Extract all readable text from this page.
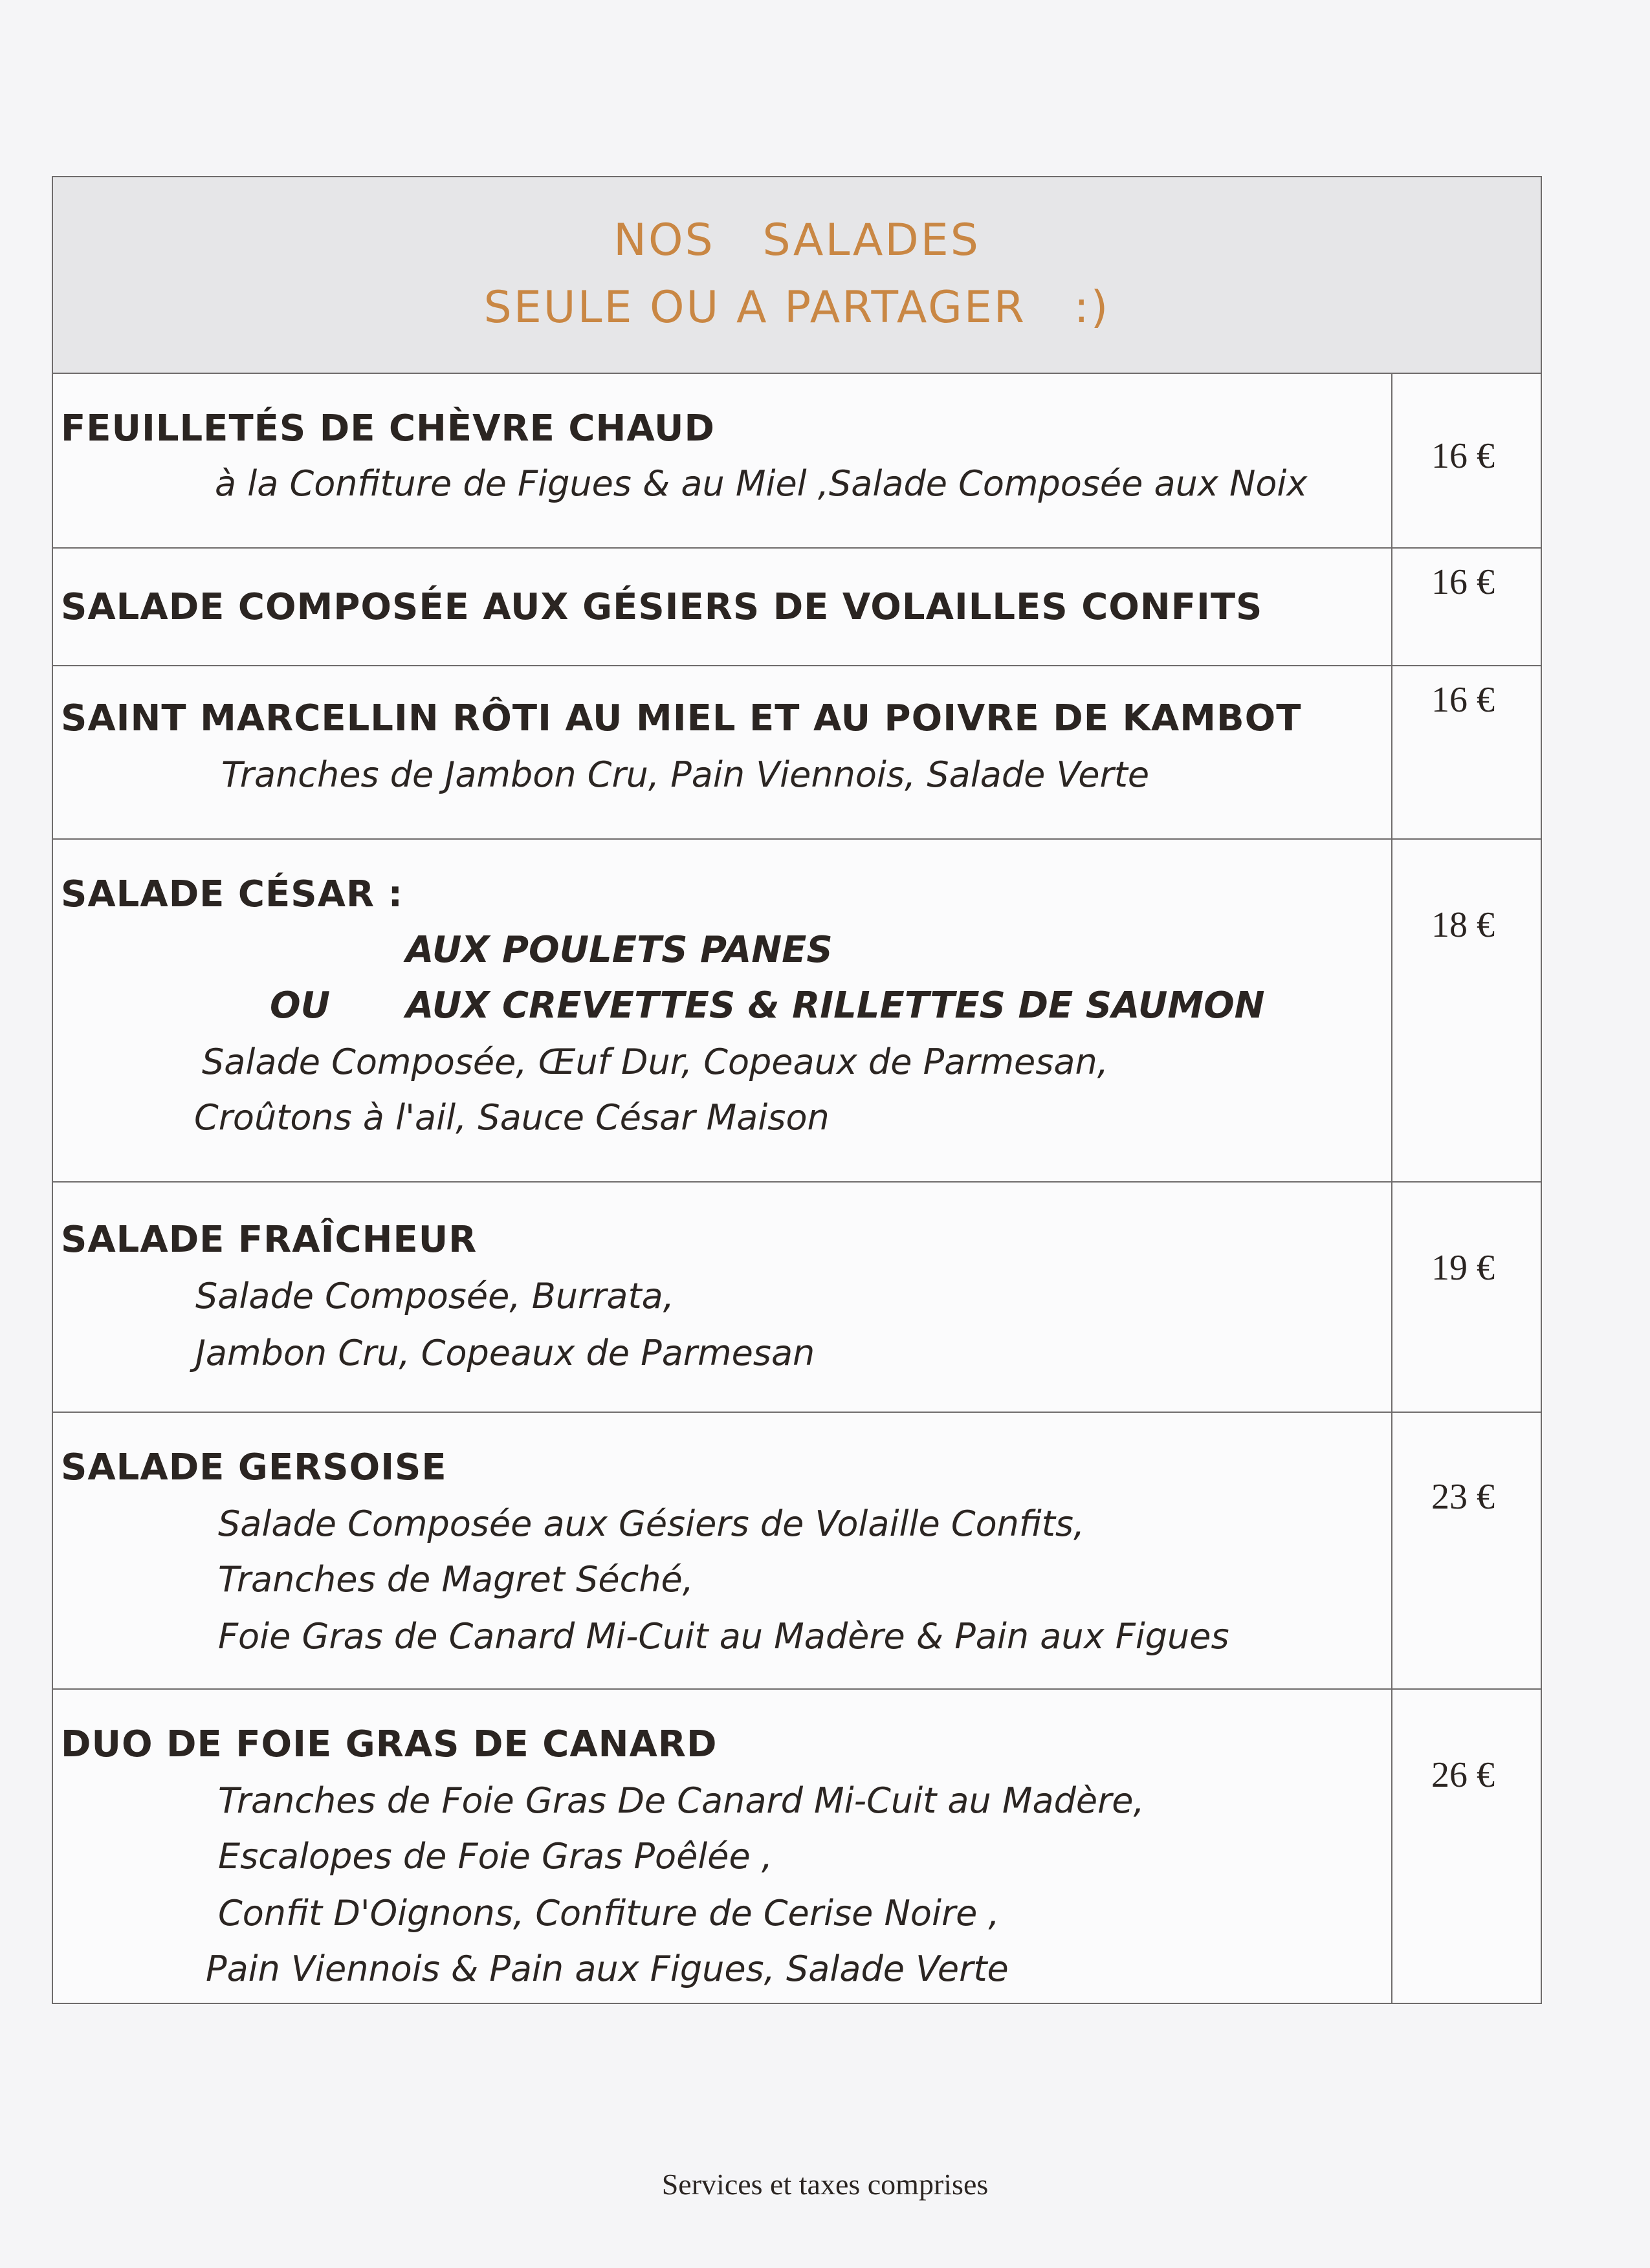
NOS   SALADES
SEULE OU A PARTAGER   :)
FEUILLETÉS DE CHÈVRE CHAUD
à la Confiture de Figues & au Miel ,Salade Composée aux Noix
16 €
SALADE COMPOSÉE AUX GÉSIERS DE VOLAILLES CONFITS
16 €
SAINT MARCELLIN RÔTI AU MIEL ET AU POIVRE DE KAMBOT
Tranches de Jambon Cru, Pain Viennois, Salade Verte
16 €
SALADE CÉSAR :
AUX POULETS PANES
OU AUX CREVETTES & RILLETTES DE SAUMON
Salade Composée, Œuf Dur, Copeaux de Parmesan,
Croûtons à l'ail, Sauce César Maison
18 €
SALADE FRAÎCHEUR
Salade Composée, Burrata,
Jambon Cru, Copeaux de Parmesan
19 €
SALADE GERSOISE
Salade Composée aux Gésiers de Volaille Confits,
Tranches de Magret Séché,
Foie Gras de Canard Mi-Cuit au Madère & Pain aux Figues
23 €
DUO DE FOIE GRAS DE CANARD
Tranches de Foie Gras De Canard Mi-Cuit au Madère,
Escalopes de Foie Gras Poêlée ,
Confit D'Oignons, Confiture de Cerise Noire ,
Pain Viennois & Pain aux Figues, Salade Verte
26 €
Services et taxes comprises
